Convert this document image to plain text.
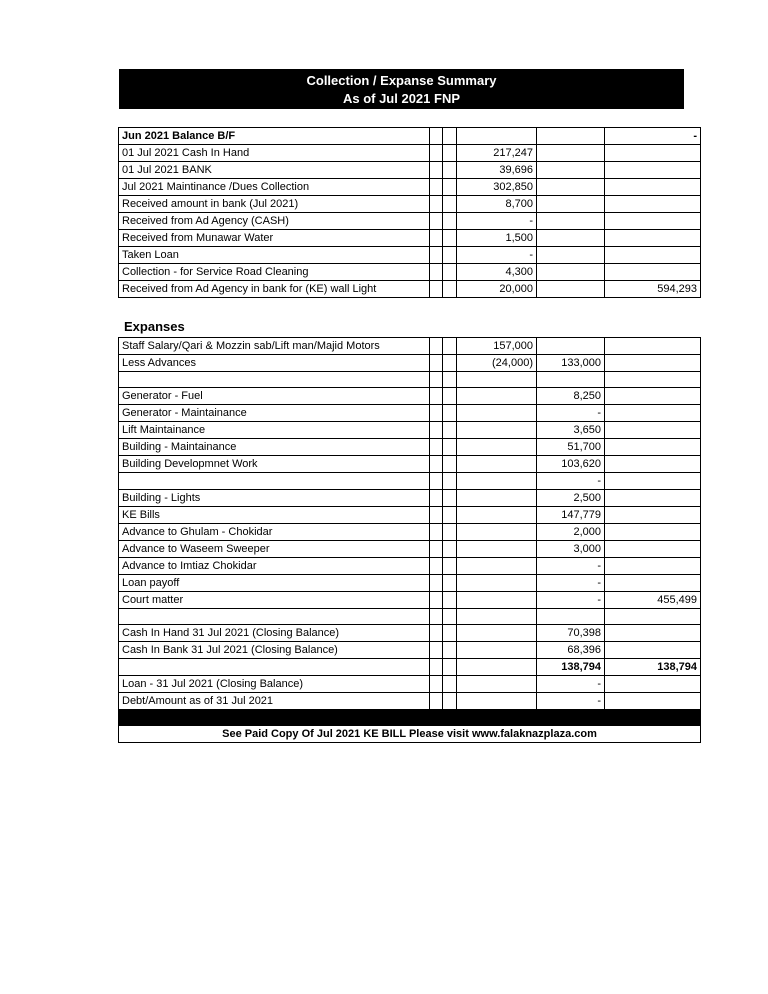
Collection / Expanse Summary
As of Jul 2021 FNP
Jun 2021 Balance B/F					-
01 Jul 2021 Cash In Hand			217,247		
01 Jul 2021 BANK			39,696		
Jul 2021 Maintinance /Dues Collection			302,850		
Received amount in bank (Jul 2021)			8,700		
Received from Ad Agency (CASH)			-		
Received from Munawar Water			1,500		
Taken Loan			-		
Collection - for Service Road Cleaning			4,300		
Received from Ad Agency in bank for (KE) wall Light			20,000		594,293
Expanses
Staff Salary/Qari & Mozzin sab/Lift man/Majid Motors			157,000		
Less Advances			(24,000)	133,000	

Generator - Fuel				8,250	
Generator - Maintainance				-	
Lift Maintainance				3,650	
Building - Maintainance				51,700	
Building Developmnet Work				103,620	
				-	
Building - Lights				2,500	
KE Bills				147,779	
Advance to Ghulam - Chokidar				2,000	
Advance to Waseem Sweeper				3,000	
Advance to Imtiaz Chokidar				-	
Loan payoff				-	
Court matter				-	455,499

Cash In Hand 31 Jul 2021 (Closing Balance)				70,398	
Cash In Bank 31 Jul 2021 (Closing Balance)				68,396	
				138,794	138,794
Loan - 31 Jul 2021 (Closing Balance)				-	
Debt/Amount as of 31 Jul 2021				-	

See Paid Copy Of Jul 2021 KE BILL Please visit www.falaknazplaza.com					
